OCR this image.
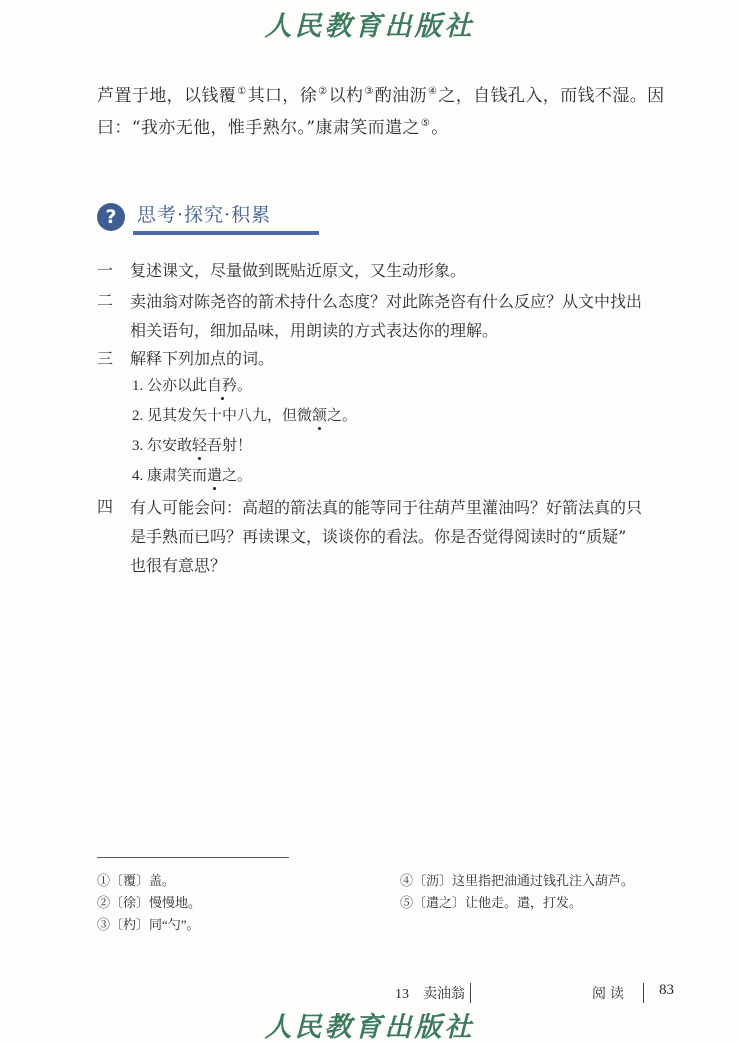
人民教育出版社
芦置于地，以钱覆①其口，徐②以杓③酌油沥④之，自钱孔入，而钱不湿。因
曰：“我亦无他，惟手熟尔。”康肃笑而遣之⑤。
?	思考·探究·积累
一 复述课文，尽量做到既贴近原文，又生动形象。
二 卖油翁对陈尧咨的箭术持什么态度？对此陈尧咨有什么反应？从文中找出
相关语句，细加品味，用朗读的方式表达你的理解。
三 解释下列加点的词。
1. 公亦以此自矜。
2. 见其发矢十中八九，但微颔之。
3. 尔安敢轻吾射！
4. 康肃笑而遣之。
四 有人可能会问：高超的箭法真的能等同于往葫芦里灌油吗？好箭法真的只
是手熟而已吗？再读课文，谈谈你的看法。你是否觉得阅读时的“质疑”
也很有意思？
①〔覆〕盖。
②〔徐〕慢慢地。
③〔杓〕同“勺”。
④〔沥〕这里指把油通过钱孔注入葫芦。
⑤〔遣之〕让他走。遣，打发。
13　卖油翁	阅读 83
人民教育出版社
